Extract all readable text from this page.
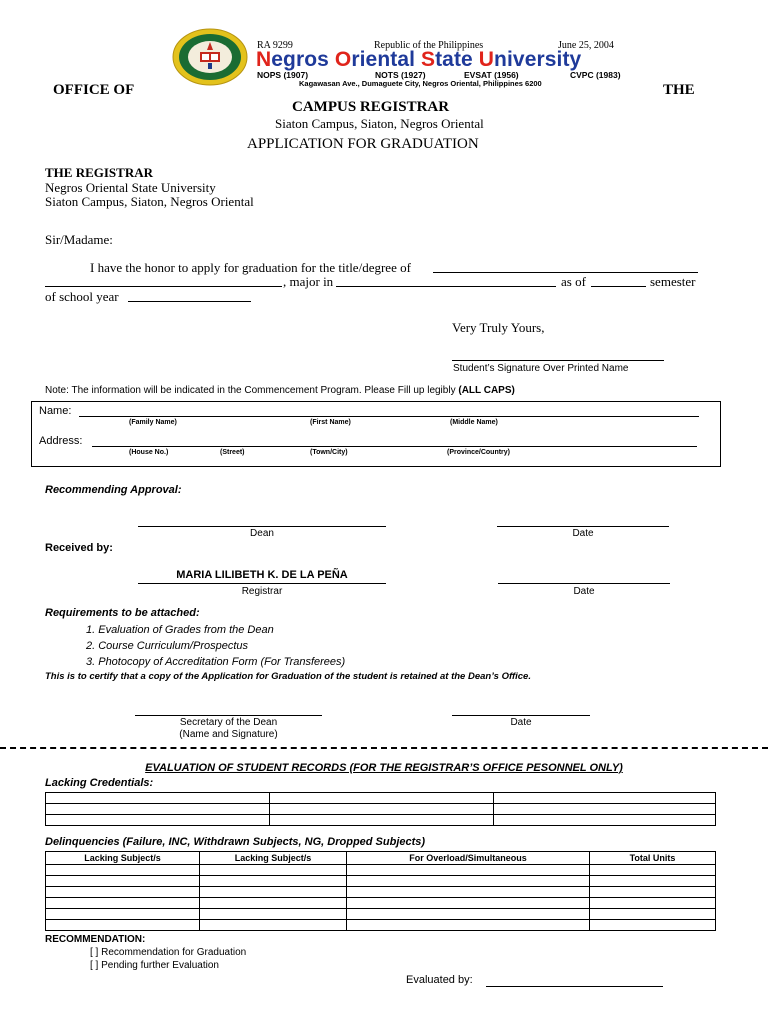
RA 9299	Republic of the Philippines	June 25, 2004
Negros Oriental State University
NOPS (1907)	NOTS (1927)	EVSAT (1956)	CVPC (1983)
Kagawasan Ave., Dumaguete City, Negros Oriental, Philippines 6200
OFFICE OF	THE
CAMPUS REGISTRAR
Siaton Campus, Siaton, Negros Oriental
APPLICATION FOR GRADUATION
THE REGISTRAR
Negros Oriental State University
Siaton Campus, Siaton, Negros Oriental
Sir/Madame:
I have the honor to apply for graduation for the title/degree of
, major in	as of	semester
of school year
Very Truly Yours,
Student’s Signature Over Printed Name
Note: The information will be indicated in the Commencement Program. Please Fill up legibly (ALL CAPS)
Name:
(Family Name)	(First Name)	(Middle Name)
Address:
(House No.)	(Street)	(Town/City)	(Province/Country)
Recommending Approval:
Dean	Date
Received by:
MARIA LILIBETH K. DE LA PEÑA
Registrar	Date
Requirements to be attached:
1. Evaluation of Grades from the Dean
2. Course Curriculum/Prospectus
3. Photocopy of Accreditation Form (For Transferees)
This is to certify that a copy of the Application for Graduation of the student is retained at the Dean’s Office.
Secretary of the Dean
(Name and Signature)
Date
EVALUATION OF STUDENT RECORDS (FOR THE REGISTRAR’S OFFICE PESONNEL ONLY)
Lacking Credentials:

Delinquencies (Failure, INC, Withdrawn Subjects, NG, Dropped Subjects)
Lacking Subject/s	Lacking Subject/s	For Overload/Simultaneous	Total Units

RECOMMENDATION:
[ ] Recommendation for Graduation
[ ] Pending further Evaluation
Evaluated by:
